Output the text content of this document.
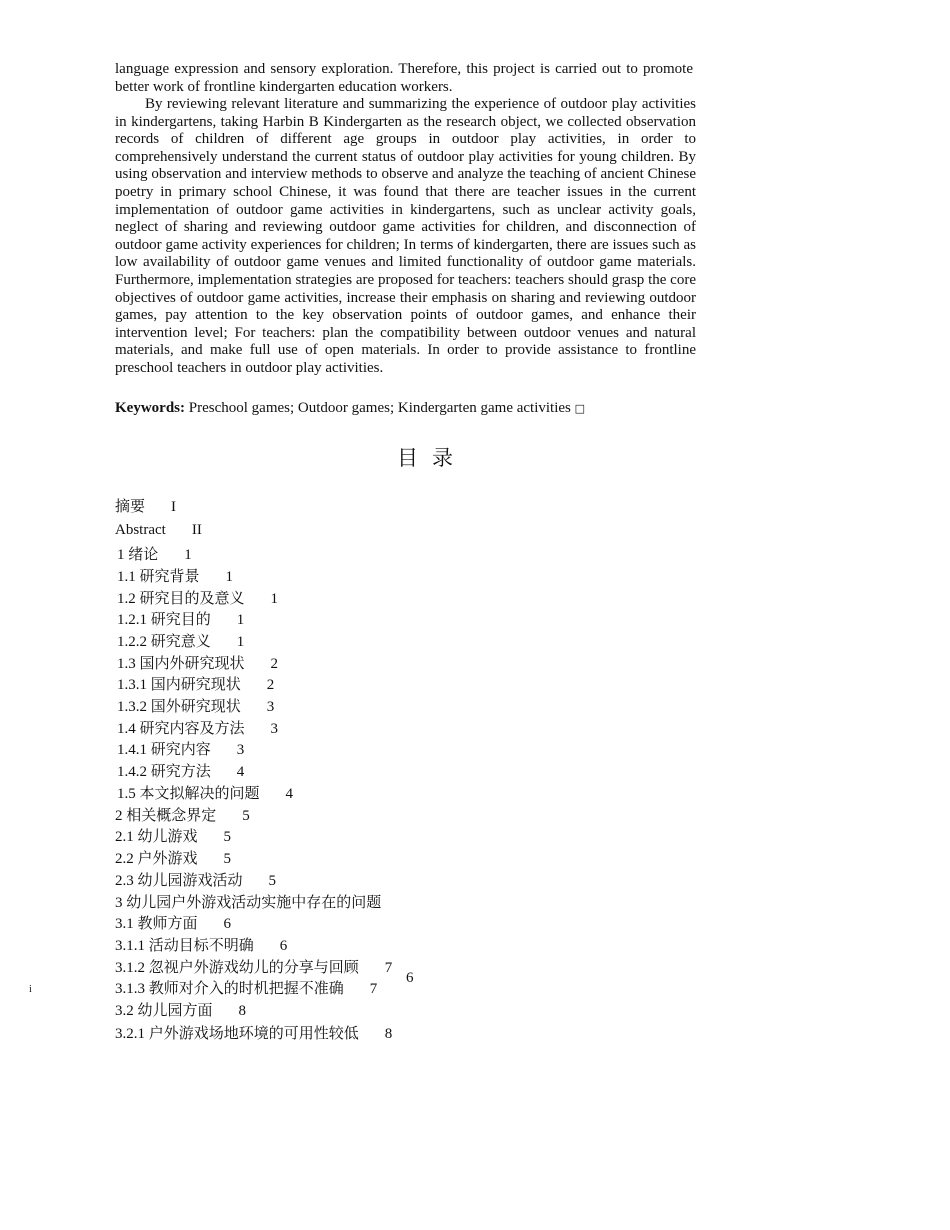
language expression and sensory exploration. Therefore, this project is carried out to promote better work of frontline kindergarten education workers.

By reviewing relevant literature and summarizing the experience of outdoor play activities in kindergartens, taking Harbin B Kindergarten as the research object, we collected observation records of children of different age groups in outdoor play activities, in order to comprehensively understand the current status of outdoor play activities for young children. By using observation and interview methods to observe and analyze the teaching of ancient Chinese poetry in primary school Chinese, it was found that there are teacher issues in the current implementation of outdoor game activities in kindergartens, such as unclear activity goals, neglect of sharing and reviewing outdoor game activities for children, and disconnection of outdoor game activity experiences for children; In terms of kindergarten, there are issues such as low availability of outdoor game venues and limited functionality of outdoor game materials. Furthermore, implementation strategies are proposed for teachers: teachers should grasp the core objectives of outdoor game activities, increase their emphasis on sharing and reviewing outdoor games, pay attention to the key observation points of outdoor games, and enhance their intervention level; For teachers: plan the compatibility between outdoor venues and natural materials, and make full use of open materials. In order to provide assistance to frontline preschool teachers in outdoor play activities.

Keywords: Preschool games; Outdoor games; Kindergarten game activities □

目录
摘要 I
Abstract II
1 绪论 1
1.1 研究背景 1
1.2 研究目的及意义 1
1.2.1 研究目的 1
1.2.2 研究意义 1
1.3 国内外研究现状 2
1.3.1 国内研究现状 2
1.3.2 国外研究现状 3
1.4 研究内容及方法 3
1.4.1 研究内容 3
1.4.2 研究方法 4
1.5 本文拟解决的问题 4
2 相关概念界定 5
2.1 幼儿游戏 5
2.2 户外游戏 5
2.3 幼儿园游戏活动 5
3 幼儿园户外游戏活动实施中存在的问题
3.1 教师方面 6
3.1.1 活动目标不明确 6
3.1.2 忽视户外游戏幼儿的分享与回顾 7
3.1.3 教师对介入的时机把握不准确 7
3.2 幼儿园方面 8
3.2.1 户外游戏场地环境的可用性较低 8
6
i
